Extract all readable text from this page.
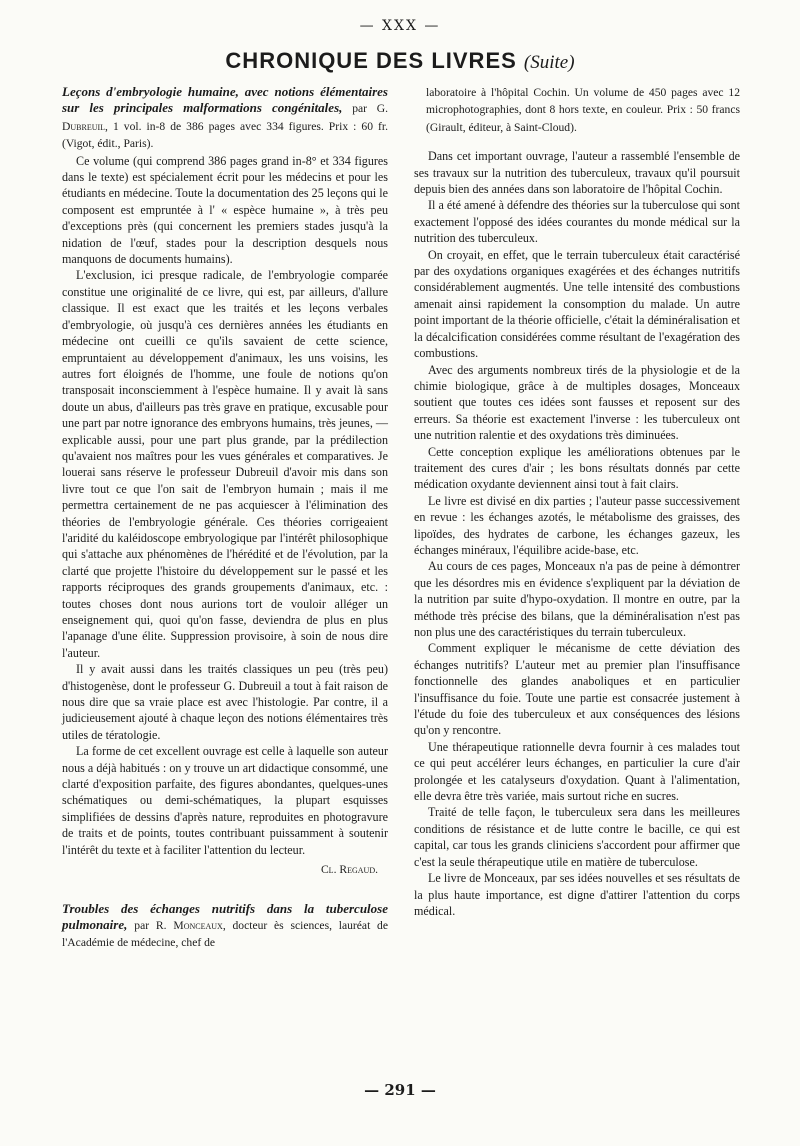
— XXX —
CHRONIQUE DES LIVRES (Suite)

Leçons d'embryologie humaine, avec notions élémentaires sur les principales malformations congénitales, par G. Dubreuil, 1 vol. in-8 de 386 pages avec 334 figures. Prix : 60 fr. (Vigot, édit., Paris).

Ce volume (qui comprend 386 pages grand in-8° et 334 figures dans le texte) est spécialement écrit pour les médecins et pour les étudiants en médecine. Toute la documentation des 25 leçons qui le composent est empruntée à l' « espèce humaine », à très peu d'exceptions près (qui concernent les premiers stades jusqu'à la nidation de l'œuf, stades pour la description desquels nous manquons de documents humains).

L'exclusion, ici presque radicale, de l'embryologie comparée constitue une originalité de ce livre, qui est, par ailleurs, d'allure classique. Il est exact que les traités et les leçons verbales d'embryologie, où jusqu'à ces dernières années les étudiants en médecine ont cueilli ce qu'ils savaient de cette science, empruntaient au développement d'animaux, les uns voisins, les autres fort éloignés de l'homme, une foule de notions qu'on transposait inconsciemment à l'espèce humaine. Il y avait là sans doute un abus, d'ailleurs pas très grave en pratique, excusable pour une part par notre ignorance des embryons humains, très jeunes, — explicable aussi, pour une part plus grande, par la prédilection qu'avaient nos maîtres pour les vues générales et comparatives. Je louerai sans réserve le professeur Dubreuil d'avoir mis dans son livre tout ce que l'on sait de l'embryon humain ; mais il me permettra certainement de ne pas acquiescer à l'élimination des théories de l'embryologie générale. Ces théories corrigeaient l'aridité du kaléidoscope embryologique par l'intérêt philosophique qui s'attache aux phénomènes de l'hérédité et de l'évolution, par la clarté que projette l'histoire du développement sur le passé et les rapports réciproques des grands groupements d'animaux, etc. : toutes choses dont nous aurions tort de vouloir alléger un enseignement qui, quoi qu'on fasse, deviendra de plus en plus l'apanage d'une élite. Suppression provisoire, à soin de nous dire l'auteur.

Il y avait aussi dans les traités classiques un peu (très peu) d'histogenèse, dont le professeur G. Dubreuil a tout à fait raison de nous dire que sa vraie place est avec l'histologie. Par contre, il a judicieusement ajouté à chaque leçon des notions élémentaires très utiles de tératologie.

La forme de cet excellent ouvrage est celle à laquelle son auteur nous a déjà habitués : on y trouve un art didactique consommé, une clarté d'exposition parfaite, des figures abondantes, quelques-unes schématiques ou demi-schématiques, la plupart esquisses simplifiées de dessins d'après nature, reproduites en photogravure de traits et de points, toutes contribuant puissamment à soutenir l'intérêt du texte et à faciliter l'attention du lecteur.

Cl. Regaud.

Troubles des échanges nutritifs dans la tuberculose pulmonaire, par R. Monceaux, docteur ès sciences, lauréat de l'Académie de médecine, chef de

laboratoire à l'hôpital Cochin. Un volume de 450 pages avec 12 microphotographies, dont 8 hors texte, en couleur. Prix : 50 francs (Girault, éditeur, à Saint-Cloud).

Dans cet important ouvrage, l'auteur a rassemblé l'ensemble de ses travaux sur la nutrition des tuberculeux, travaux qu'il poursuit depuis bien des années dans son laboratoire de l'hôpital Cochin.

Il a été amené à défendre des théories sur la tuberculose qui sont exactement l'opposé des idées courantes du monde médical sur la nutrition des tuberculeux.

On croyait, en effet, que le terrain tuberculeux était caractérisé par des oxydations organiques exagérées et des échanges nutritifs considérablement augmentés. Une telle intensité des combustions amenait ainsi rapidement la consomption du malade. Un autre point important de la théorie officielle, c'était la déminéralisation et la décalcification considérées comme résultant de l'exagération des combustions.

Avec des arguments nombreux tirés de la physiologie et de la chimie biologique, grâce à de multiples dosages, Monceaux soutient que toutes ces idées sont fausses et reposent sur des erreurs. Sa théorie est exactement l'inverse : les tuberculeux ont une nutrition ralentie et des oxydations très diminuées.

Cette conception explique les améliorations obtenues par le traitement des cures d'air ; les bons résultats donnés par cette médication oxydante deviennent ainsi tout à fait clairs.

Le livre est divisé en dix parties ; l'auteur passe successivement en revue : les échanges azotés, le métabolisme des graisses, des lipoïdes, des hydrates de carbone, les échanges gazeux, les échanges minéraux, l'équilibre acide-base, etc.

Au cours de ces pages, Monceaux n'a pas de peine à démontrer que les désordres mis en évidence s'expliquent par la déviation de la nutrition par suite d'hypo-oxydation. Il montre en outre, par la méthode très précise des bilans, que la déminéralisation n'est pas non plus une des caractéristiques du terrain tuberculeux.

Comment expliquer le mécanisme de cette déviation des échanges nutritifs? L'auteur met au premier plan l'insuffisance fonctionnelle des glandes anaboliques et en particulier l'insuffisance du foie. Toute une partie est consacrée justement à l'étude du foie des tuberculeux et aux conséquences des lésions qu'on y rencontre.

Une thérapeutique rationnelle devra fournir à ces malades tout ce qui peut accélérer leurs échanges, en particulier la cure d'air prolongée et les catalyseurs d'oxydation. Quant à l'alimentation, elle devra être très variée, mais surtout riche en sucres.

Traité de telle façon, le tuberculeux sera dans les meilleures conditions de résistance et de lutte contre le bacille, ce qui est capital, car tous les grands cliniciens s'accordent pour affirmer que c'est la seule thérapeutique utile en matière de tuberculose.

Le livre de Monceaux, par ses idées nouvelles et ses résultats de la plus haute importance, est digne d'attirer l'attention du corps médical.

— 291 —
